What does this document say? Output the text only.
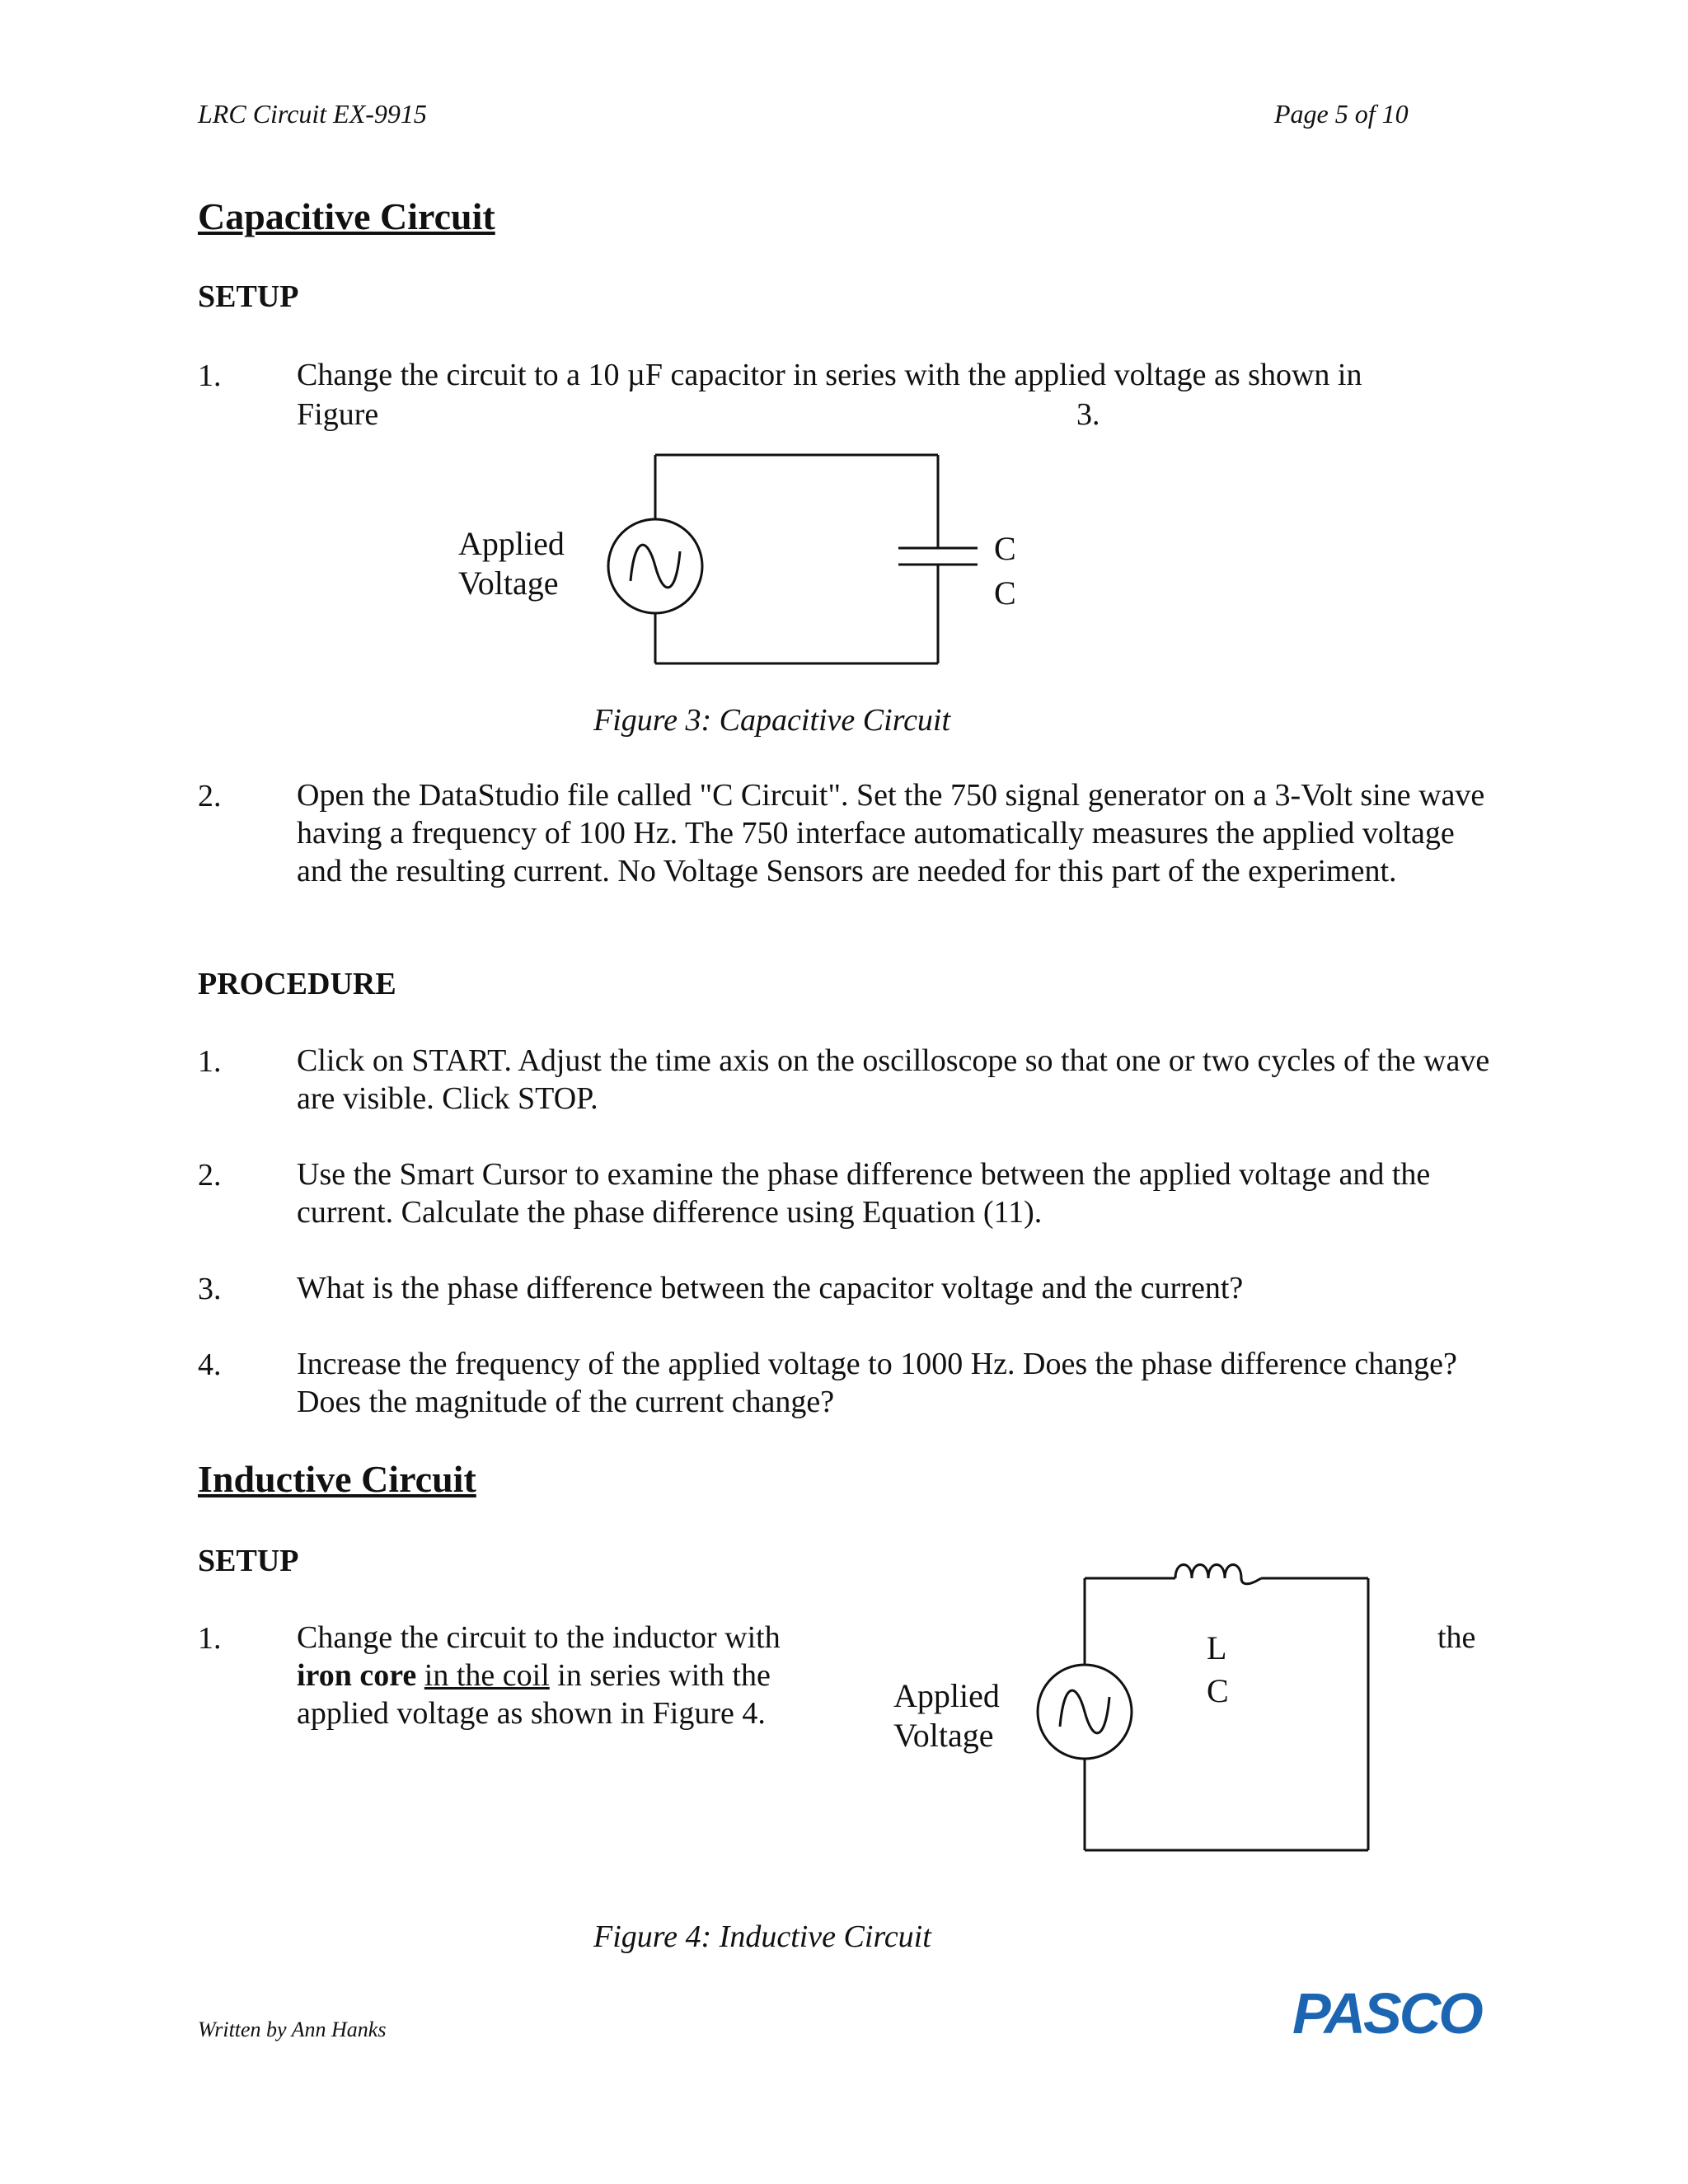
LRC Circuit EX-9915	Page 5 of 10
Capacitive Circuit
SETUP
1. Change the circuit to a 10 µF capacitor in series with the applied voltage as shown in
Figure	3.
Applied
Voltage
C
C
Figure 3: Capacitive Circuit
2. Open the DataStudio file called "C Circuit". Set the 750 signal generator on a 3-Volt sine wave having a frequency of 100 Hz. The 750 interface automatically measures the applied voltage and the resulting current. No Voltage Sensors are needed for this part of the experiment.
PROCEDURE
1. Click on START. Adjust the time axis on the oscilloscope so that one or two cycles of the wave are visible. Click STOP.
2. Use the Smart Cursor to examine the phase difference between the applied voltage and the current. Calculate the phase difference using Equation (11).
3. What is the phase difference between the capacitor voltage and the current?
4. Increase the frequency of the applied voltage to 1000 Hz. Does the phase difference change? Does the magnitude of the current change?
Inductive Circuit
SETUP
1. Change the circuit to the inductor with
iron core in the coil in series with the
applied voltage as shown in Figure 4.
the
Applied
Voltage
L
C
Figure 4: Inductive Circuit
Written by Ann Hanks	PASCO
